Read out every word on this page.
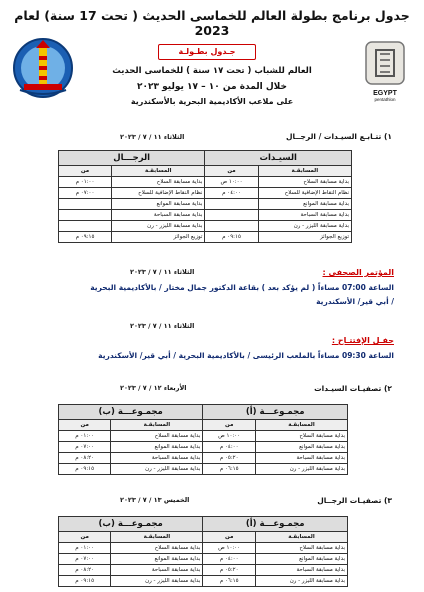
جدول برنامج بطولة العالم للخماسى الحديث ( تحت 17 سنة) لعام 2023
EGYPT
pentathlon
جـدول بطـولـة
العالم للشباب ( تحت ١٧ سنة ) للخماسى الحديث
خلال المدة من ١٠ – ١٧ يوليو ٢٠٢٣
على ملاعب الأكاديمية البحرية بالأسكندرية
١) تتـابـع السيـدات / الرجــال
الثلاثاء ١١ / ٧ / ٢٠٢٣
السيـدات		الرجـــال	
المسابقـة	من	المسابقـة	من
بداية مسابقة السلاح	١٠:٠٠ ص	بداية مسابقة السلاح	٠١:٠٠ م
نظام النقاط الإضافية للسلاح	٠٤:٠٠ م	نظام النقاط الإضافية للسلاح	٠٧:٠٠ م
بداية مسابقة الموانع		بداية مسابقة الموانع	
بداية مسابقة السباحة		بداية مسابقة السباحة	
بداية مسابقة الليزر - رن		بداية مسابقة الليزر - رن	
توزيع الجوائز	٠٩:١٥ م	توزيع الجوائز	٠٩:١٥ م
الثلاثاء ١١ / ٧ / ٢٠٢٣	المؤتمر الصحفى :
الساعة 07:00 مساءاً ( لم يؤكد بعد ) بقاعة الدكتور جمال مختار / بالأكاديمية البحرية
/ أبي قير/ الأسكندرية
الثلاثاء ١١ / ٧ / ٢٠٢٣
حفـل الإفتتـاح :
الساعة 09:30 مساءاً بالملعب الرئيسى / بالأكاديمية البحرية / أبي قير/ الأسكندرية
٢) تصفيـات السيـدات
الأربعاء ١٢ / ٧ / ٢٠٢٣
مجمـوعـــة (أ)		مجمـوعـــة (ب)	
المسابقـة	من	المسابقـة	من
بداية مسابقة السلاح	١٠:٠٠ ص	بداية مسابقة السلاح	٠١:٠٠ م
بداية مسابقة الموانع	٠٤:٠٠ م	بداية مسابقة الموانع	٠٧:٠٠ م
بداية مسابقة السباحة	٠٥:٢٠ م	بداية مسابقة السباحة	٠٨:٢٠ م
بداية مسابقة الليزر - رن	٠٦:١٥ م	بداية مسابقة الليزر - رن	٠٩:١٥ م
٣) تصفيـات الرجــال
الخميس ١٣ / ٧ / ٢٠٢٣
مجمـوعـــة (أ)		مجمـوعـــة (ب)	
المسابقـة	من	المسابقـة	من
بداية مسابقة السلاح	١٠:٠٠ ص	بداية مسابقة السلاح	٠١:٠٠ م
بداية مسابقة الموانع	٠٤:٠٠ م	بداية مسابقة الموانع	٠٧:٠٠ م
بداية مسابقة السباحة	٠٥:٢٠ م	بداية مسابقة السباحة	٠٨:٢٠ م
بداية مسابقة الليزر - رن	٠٦:١٥ م	بداية مسابقة الليزر - رن	٠٩:١٥ م
